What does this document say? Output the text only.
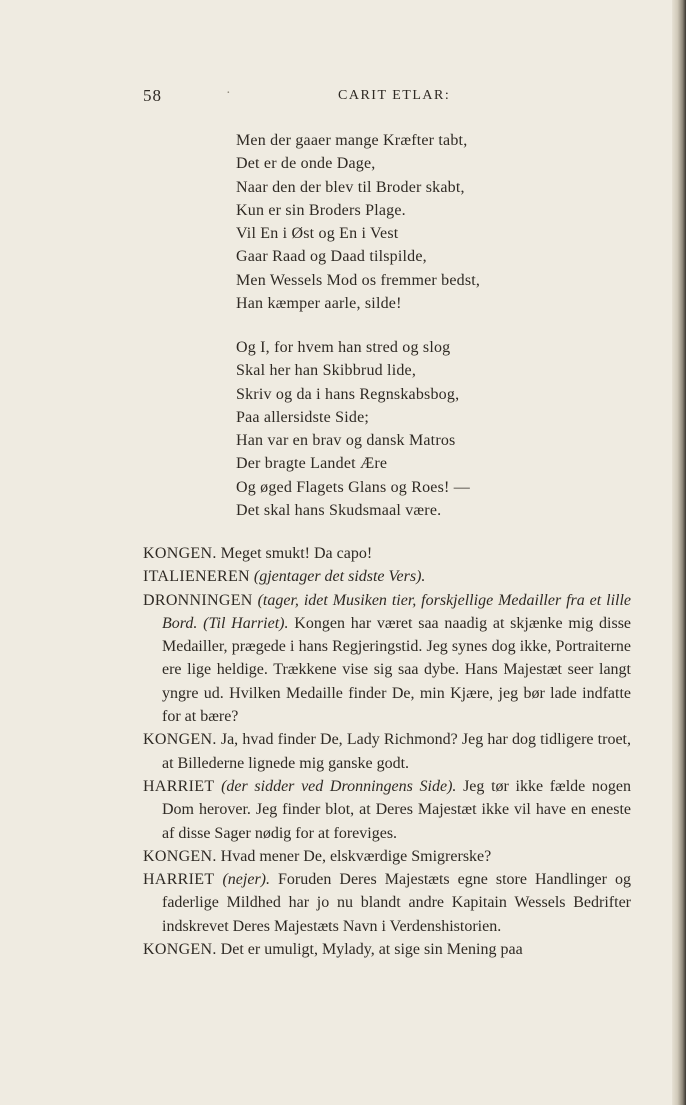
58	·	CARIT ETLAR:
Men der gaaer mange Kræfter tabt,
Det er de onde Dage,
Naar den der blev til Broder skabt,
Kun er sin Broders Plage.
Vil En i Øst og En i Vest
Gaar Raad og Daad tilspilde,
Men Wessels Mod os fremmer bedst,
Han kæmper aarle, silde!
Og I, for hvem han stred og slog
Skal her han Skibbrud lide,
Skriv og da i hans Regnskabsbog,
Paa allersidste Side;
Han var en brav og dansk Matros
Der bragte Landet Ære
Og øged Flagets Glans og Roes! —
Det skal hans Skudsmaal være.

KONGEN. Meget smukt! Da capo!

ITALIENEREN (gjentager det sidste Vers).

DRONNINGEN (tager, idet Musiken tier, forskjellige Medailler fra et lille Bord. (Til Harriet). Kongen har været saa naadig at skjænke mig disse Medailler, prægede i hans Regjeringstid. Jeg synes dog ikke, Portraiterne ere lige heldige. Trækkene vise sig saa dybe. Hans Majestæt seer langt yngre ud. Hvilken Medaille finder De, min Kjære, jeg bør lade indfatte for at bære?

KONGEN. Ja, hvad finder De, Lady Richmond? Jeg har dog tidligere troet, at Billederne lignede mig ganske godt.

HARRIET (der sidder ved Dronningens Side). Jeg tør ikke fælde nogen Dom herover. Jeg finder blot, at Deres Majestæt ikke vil have en eneste af disse Sager nødig for at foreviges.

KONGEN. Hvad mener De, elskværdige Smigrerske?

HARRIET (nejer). Foruden Deres Majestæts egne store Handlinger og faderlige Mildhed har jo nu blandt andre Kapitain Wessels Bedrifter indskrevet Deres Majestæts Navn i Verdenshistorien.

KONGEN. Det er umuligt, Mylady, at sige sin Mening paa
